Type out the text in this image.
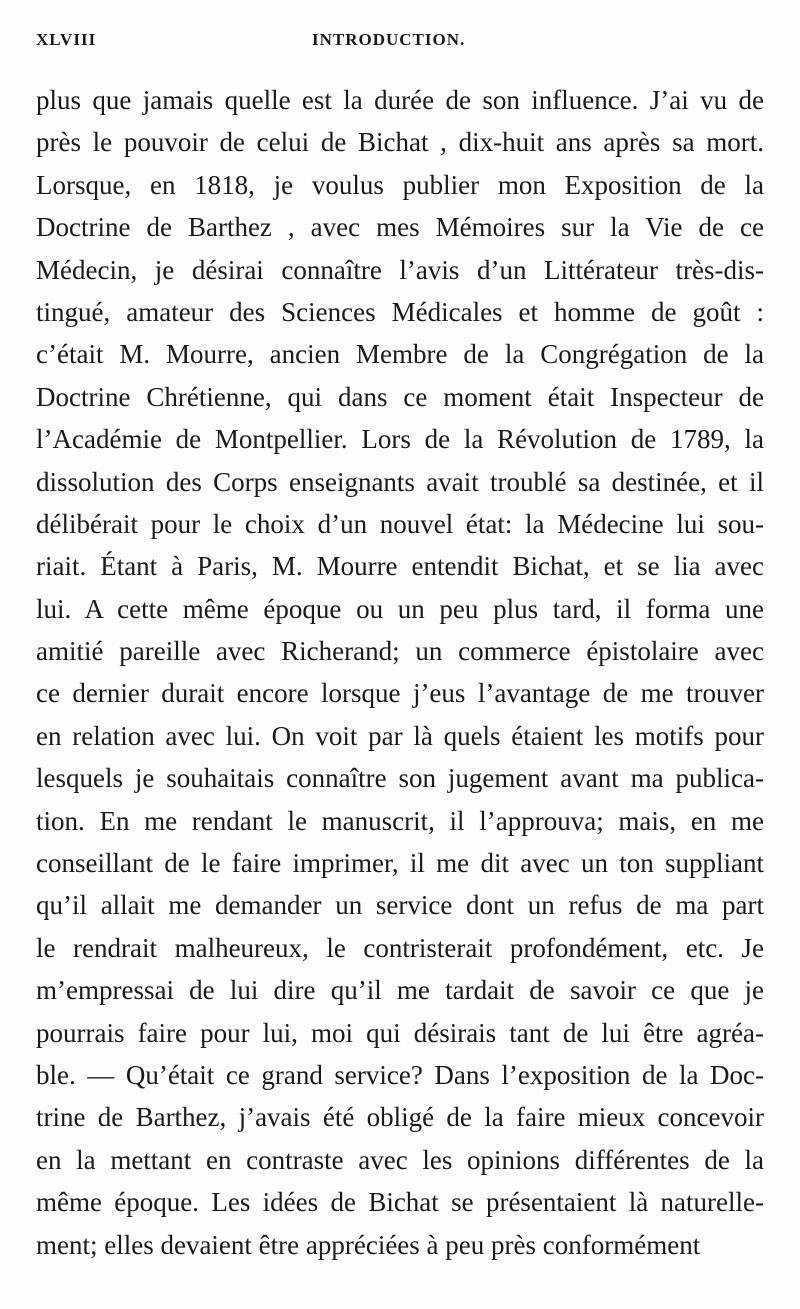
XLVIII	INTRODUCTION.
plus que jamais quelle est la durée de son influence. J’ai vu de
près le pouvoir de celui de Bichat , dix-huit ans après sa mort.
Lorsque, en 1818, je voulus publier mon Exposition de la
Doctrine de Barthez , avec mes Mémoires sur la Vie de ce
Médecin, je désirai connaître l’avis d’un Littérateur très-dis-
tingué, amateur des Sciences Médicales et homme de goût :
c’était M. Mourre, ancien Membre de la Congrégation de la
Doctrine Chrétienne, qui dans ce moment était Inspecteur de
l’Académie de Montpellier. Lors de la Révolution de 1789, la
dissolution des Corps enseignants avait troublé sa destinée, et il
délibérait pour le choix d’un nouvel état: la Médecine lui sou-
riait. Étant à Paris, M. Mourre entendit Bichat, et se lia avec
lui. A cette même époque ou un peu plus tard, il forma une
amitié pareille avec Richerand; un commerce épistolaire avec
ce dernier durait encore lorsque j’eus l’avantage de me trouver
en relation avec lui. On voit par là quels étaient les motifs pour
lesquels je souhaitais connaître son jugement avant ma publica-
tion. En me rendant le manuscrit, il l’approuva; mais, en me
conseillant de le faire imprimer, il me dit avec un ton suppliant
qu’il allait me demander un service dont un refus de ma part
le rendrait malheureux, le contristerait profondément, etc. Je
m’empressai de lui dire qu’il me tardait de savoir ce que je
pourrais faire pour lui, moi qui désirais tant de lui être agréa-
ble. — Qu’était ce grand service? Dans l’exposition de la Doc-
trine de Barthez, j’avais été obligé de la faire mieux concevoir
en la mettant en contraste avec les opinions différentes de la
même époque. Les idées de Bichat se présentaient là naturelle-
ment; elles devaient être appréciées à peu près conformément
